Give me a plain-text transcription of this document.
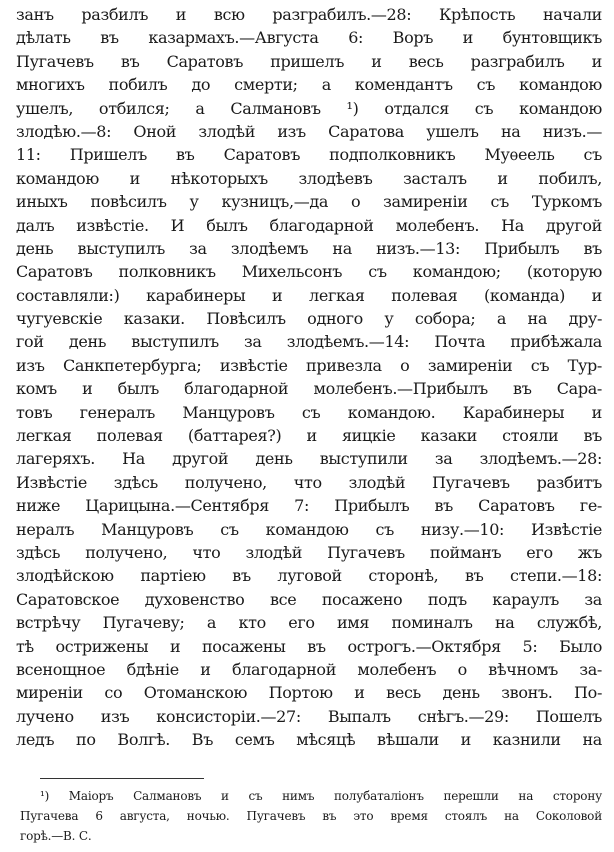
занъ разбилъ и всю разграбилъ.—28: Крѣпость начали
дѣлать въ казармахъ.—Августа 6: Воръ и бунтовщикъ
Пугачевъ въ Саратовъ пришелъ и весь разграбилъ и
многихъ побилъ до смерти; а комендантъ съ командою
ушелъ, отбился; а Салмановъ ¹) отдался съ командою
злодѣю.—8: Оной злодѣй изъ Саратова ушелъ на низъ.—
11: Пришелъ въ Саратовъ подполковникъ Муѳеель съ
командою и нѣкоторыхъ злодѣевъ засталъ и побилъ,
иныхъ повѣсилъ у кузницъ,—да о замиреніи съ Туркомъ
далъ извѣстіе. И былъ благодарной молебенъ. На другой
день выступилъ за злодѣемъ на низъ.—13: Прибылъ въ
Саратовъ полковникъ Михельсонъ съ командою; (которую
составляли:) карабинеры и легкая полевая (команда) и
чугуевскіе казаки. Повѣсилъ одного у собора; а на дру-
гой день выступилъ за злодѣемъ.—14: Почта прибѣжала
изъ Санкпетербурга; извѣстіе привезла о замиреніи съ Тур-
комъ и былъ благодарной молебенъ.—Прибылъ въ Сара-
товъ генералъ Манцуровъ съ командою. Карабинеры и
легкая полевая (баттарея?) и яицкіе казаки стояли въ
лагеряхъ. На другой день выступили за злодѣемъ.—28:
Извѣстіе здѣсь получено, что злодѣй Пугачевъ разбитъ
ниже Царицына.—Сентября 7: Прибылъ въ Саратовъ ге-
нералъ Манцуровъ съ командою съ низу.—10: Извѣстіе
здѣсь получено, что злодѣй Пугачевъ пойманъ его жъ
злодѣйскою партіею въ луговой сторонѣ, въ степи.—18:
Саратовское духовенство все посажено подъ караулъ за
встрѣчу Пугачеву; а кто его имя поминалъ на службѣ,
тѣ острижены и посажены въ острогъ.—Октября 5: Было
всенощное бдѣніе и благодарной молебенъ о вѣчномъ за-
миреніи со Отоманскою Портою и весь день звонъ. По-
лучено изъ консисторіи.—27: Выпалъ снѣгъ.—29: Пошелъ
ледъ по Волгѣ. Въ семъ мѣсяцѣ вѣшали и казнили на
¹) Маіоръ Салмановъ и съ нимъ полубаталіонъ перешли на сторону
Пугачева 6 августа, ночью. Пугачевъ въ это время стоялъ на Соколовой
горѣ.—В. С.
